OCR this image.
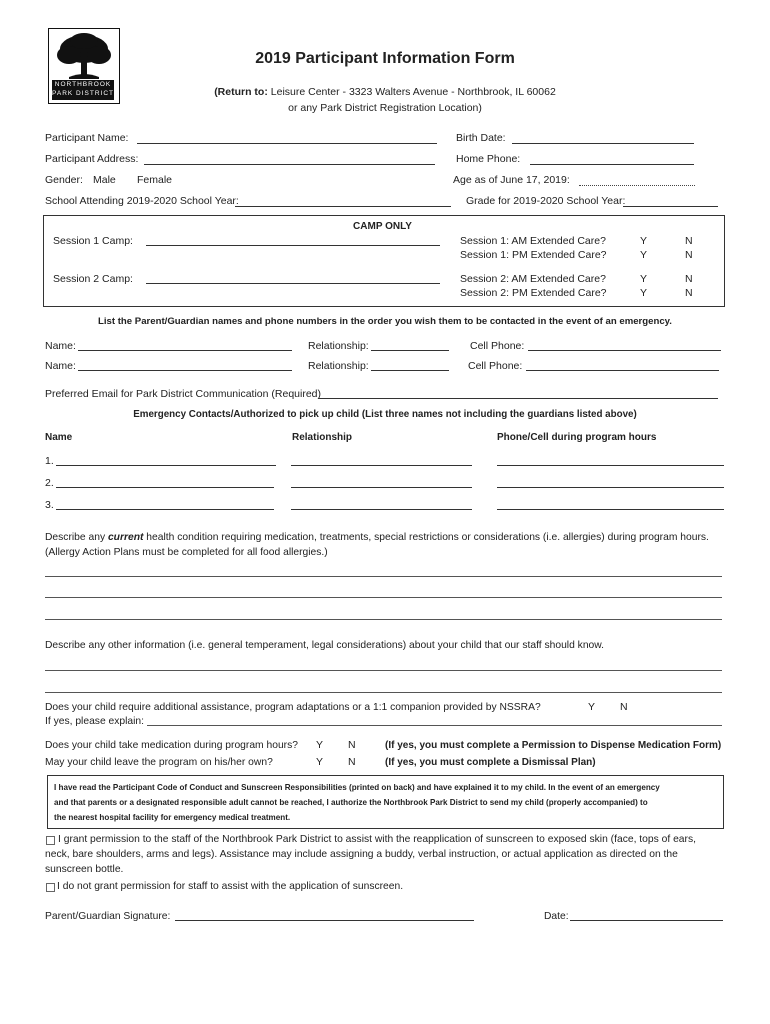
NORTHBROOK
PARK DISTRICT
2019 Participant Information Form
(Return to: Leisure Center - 3323 Walters Avenue - Northbrook, IL 60062
or any Park District Registration Location)
Participant Name:	Birth Date:
Participant Address:	Home Phone:
Gender: Male Female	Age as of June 17, 2019:
School Attending 2019-2020 School Year:	Grade for 2019-2020 School Year:
CAMP ONLY
Session 1 Camp:	Session 1: AM Extended Care?	Y	N
Session 1: PM Extended Care?	Y	N
Session 2 Camp:	Session 2: AM Extended Care?	Y	N
Session 2: PM Extended Care?	Y	N
List the Parent/Guardian names and phone numbers in the order you wish them to be contacted in the event of an emergency.
Name:	Relationship:	Cell Phone:
Name:	Relationship:	Cell Phone:
Preferred Email for Park District Communication (Required)
Emergency Contacts/Authorized to pick up child (List three names not including the guardians listed above)
Name	Relationship	Phone/Cell during program hours
1.
2.
3.
Describe any current health condition requiring medication, treatments, special restrictions or considerations (i.e. allergies) during program hours.
(Allergy Action Plans must be completed for all food allergies.)
Describe any other information (i.e. general temperament, legal considerations) about your child that our staff should know.
Does your child require additional assistance, program adaptations or a 1:1 companion provided by NSSRA?	Y N
If yes, please explain:
Does your child take medication during program hours? Y N	(If yes, you must complete a Permission to Dispense Medication Form)
May your child leave the program on his/her own?	Y N	(If yes, you must complete a Dismissal Plan)
I have read the Participant Code of Conduct and Sunscreen Responsibilities (printed on back) and have explained it to my child. In the event of an emergency
and that parents or a designated responsible adult cannot be reached, I authorize the Northbrook Park District to send my child (properly accompanied) to
the nearest hospital facility for emergency medical treatment.
I grant permission to the staff of the Northbrook Park District to assist with the reapplication of sunscreen to exposed skin (face, tops of ears,
neck, bare shoulders, arms and legs). Assistance may include assigning a buddy, verbal instruction, or actual application as directed on the
sunscreen bottle.
I do not grant permission for staff to assist with the application of sunscreen.
Parent/Guardian Signature:	Date:
